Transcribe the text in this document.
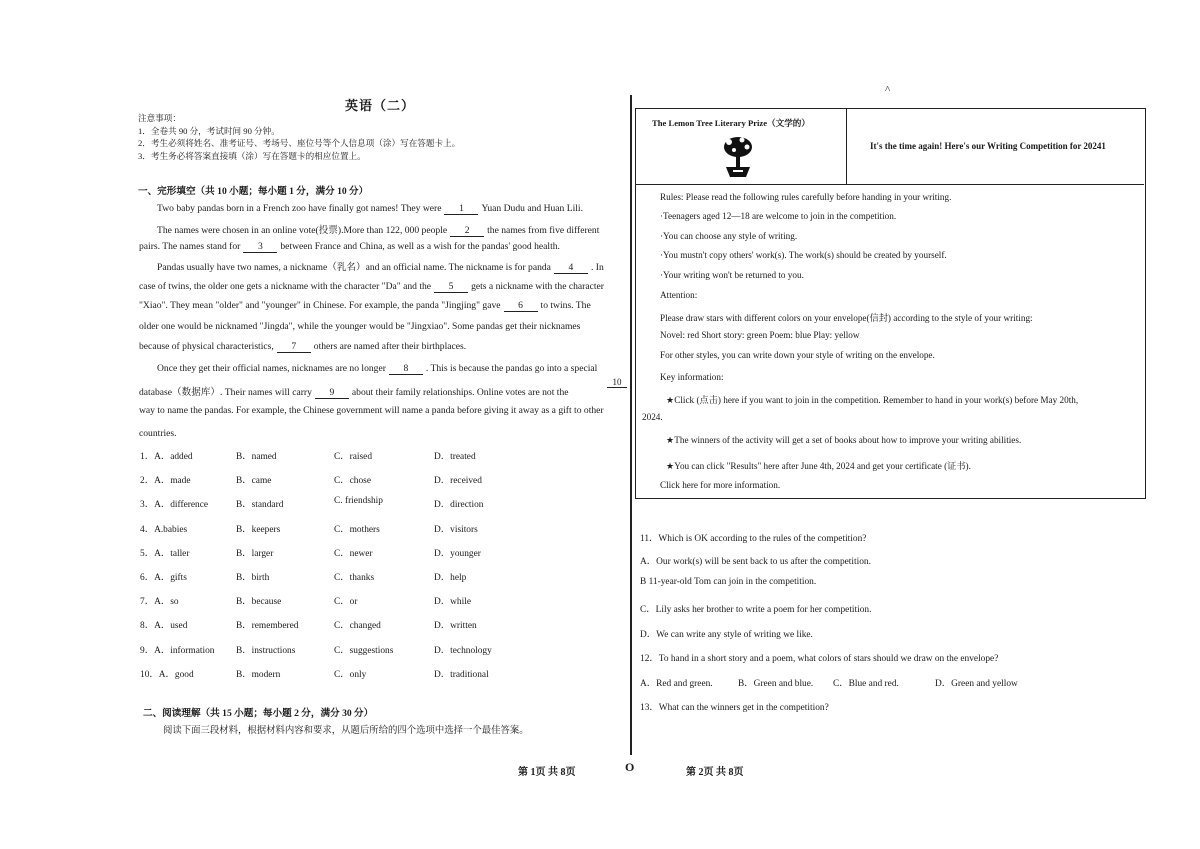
英语（二）
^
注意事项：
1．全卷共 90 分，考试时间 90 分钟。
2．考生必须将姓名、准考证号、考场号、座位号等个人信息项（涂）写在答题卡上。
3．考生务必将答案直接填（涂）写在答题卡的相应位置上。
一、完形填空（共 10 小题；每小题 1 分，满分 10 分）
Two baby pandas born in a French zoo have finally got names! They were 1 Yuan Dudu and Huan Lili.
The names were chosen in an online vote(投票).More than 122, 000 people 2 the names from five different
pairs. The names stand for 3 between France and China, as well as a wish for the pandas' good health.
Pandas usually have two names, a nickname（乳名）and an official name. The nickname is for panda 4 . In
case of twins, the older one gets a nickname with the character "Da" and the 5 gets a nickname with the character
"Xiao". They mean "older" and "younger" in Chinese. For example, the panda "Jingjing" gave 6 to twins. The
older one would be nicknamed "Jingda", while the younger would be "Jingxiao". Some pandas get their nicknames
because of physical characteristics, 7 others are named after their birthplaces.
Once they get their official names, nicknames are no longer 8 . This is because the pandas go into a special
database（数据库）. Their names will carry 9 about their family relationships. Online votes are not the
way to name the pandas. For example, the Chinese government will name a panda before giving it away as a gift to other
countries.
10
1．A．added	B．named	C．raised	D．treated
2．A．made	B．came	C．chose	D．received
3．A．difference	B．standard	C. friendship	D．direction
4．A.babies	B．keepers	C．mothers	D．visitors
5．A．taller	B．larger	C．newer	D．younger
6．A．gifts	B．birth	C．thanks	D．help
7．A．so	B．because	C．or	D．while
8．A．used	B．remembered	C．changed	D．written
9．A．information B．instructions	C．suggestions	D．technology
10．A．good	B．modern	C．only	D．traditional
二、阅读理解（共 15 小题；每小题 2 分，满分 30 分）
阅读下面三段材料，根据材料内容和要求，从题后所给的四个选项中选择一个最佳答案。
The Lemon Tree Literary Prize（文学的）
It's the time again! Here's our Writing Competition for 20241
Rules: Please read the following rules carefully before handing in your writing.
·Teenagers aged 12—18 are welcome to join in the competition.
·You can choose any style of writing.
·You mustn't copy others' work(s). The work(s) should be created by yourself.
·Your writing won't be returned to you.
Attention:
Please draw stars with different colors on your envelope(信封) according to the style of your writing:
Novel: red Short story: green Poem: blue Play: yellow
For other styles, you can write down your style of writing on the envelope.
Key information:
★Click (点击) here if you want to join in the competition. Remember to hand in your work(s) before May 20th,
2024.
★The winners of the activity will get a set of books about how to improve your writing abilities.
★You can click "Results" here after June 4th, 2024 and get your certificate (证书).
Click here for more information.
11．Which is OK according to the rules of the competition?
A．Our work(s) will be sent back to us after the competition.
B 11-year-old Tom can join in the competition.
C．Lily asks her brother to write a poem for her competition.
D．We can write any style of writing we like.
12．To hand in a short story and a poem, what colors of stars should we draw on the envelope?
A．Red and green.	B．Green and blue. C．Blue and red.	D．Green and yellow
13．What can the winners get in the competition?
第 1页 共 8页	O	第 2页 共 8页
